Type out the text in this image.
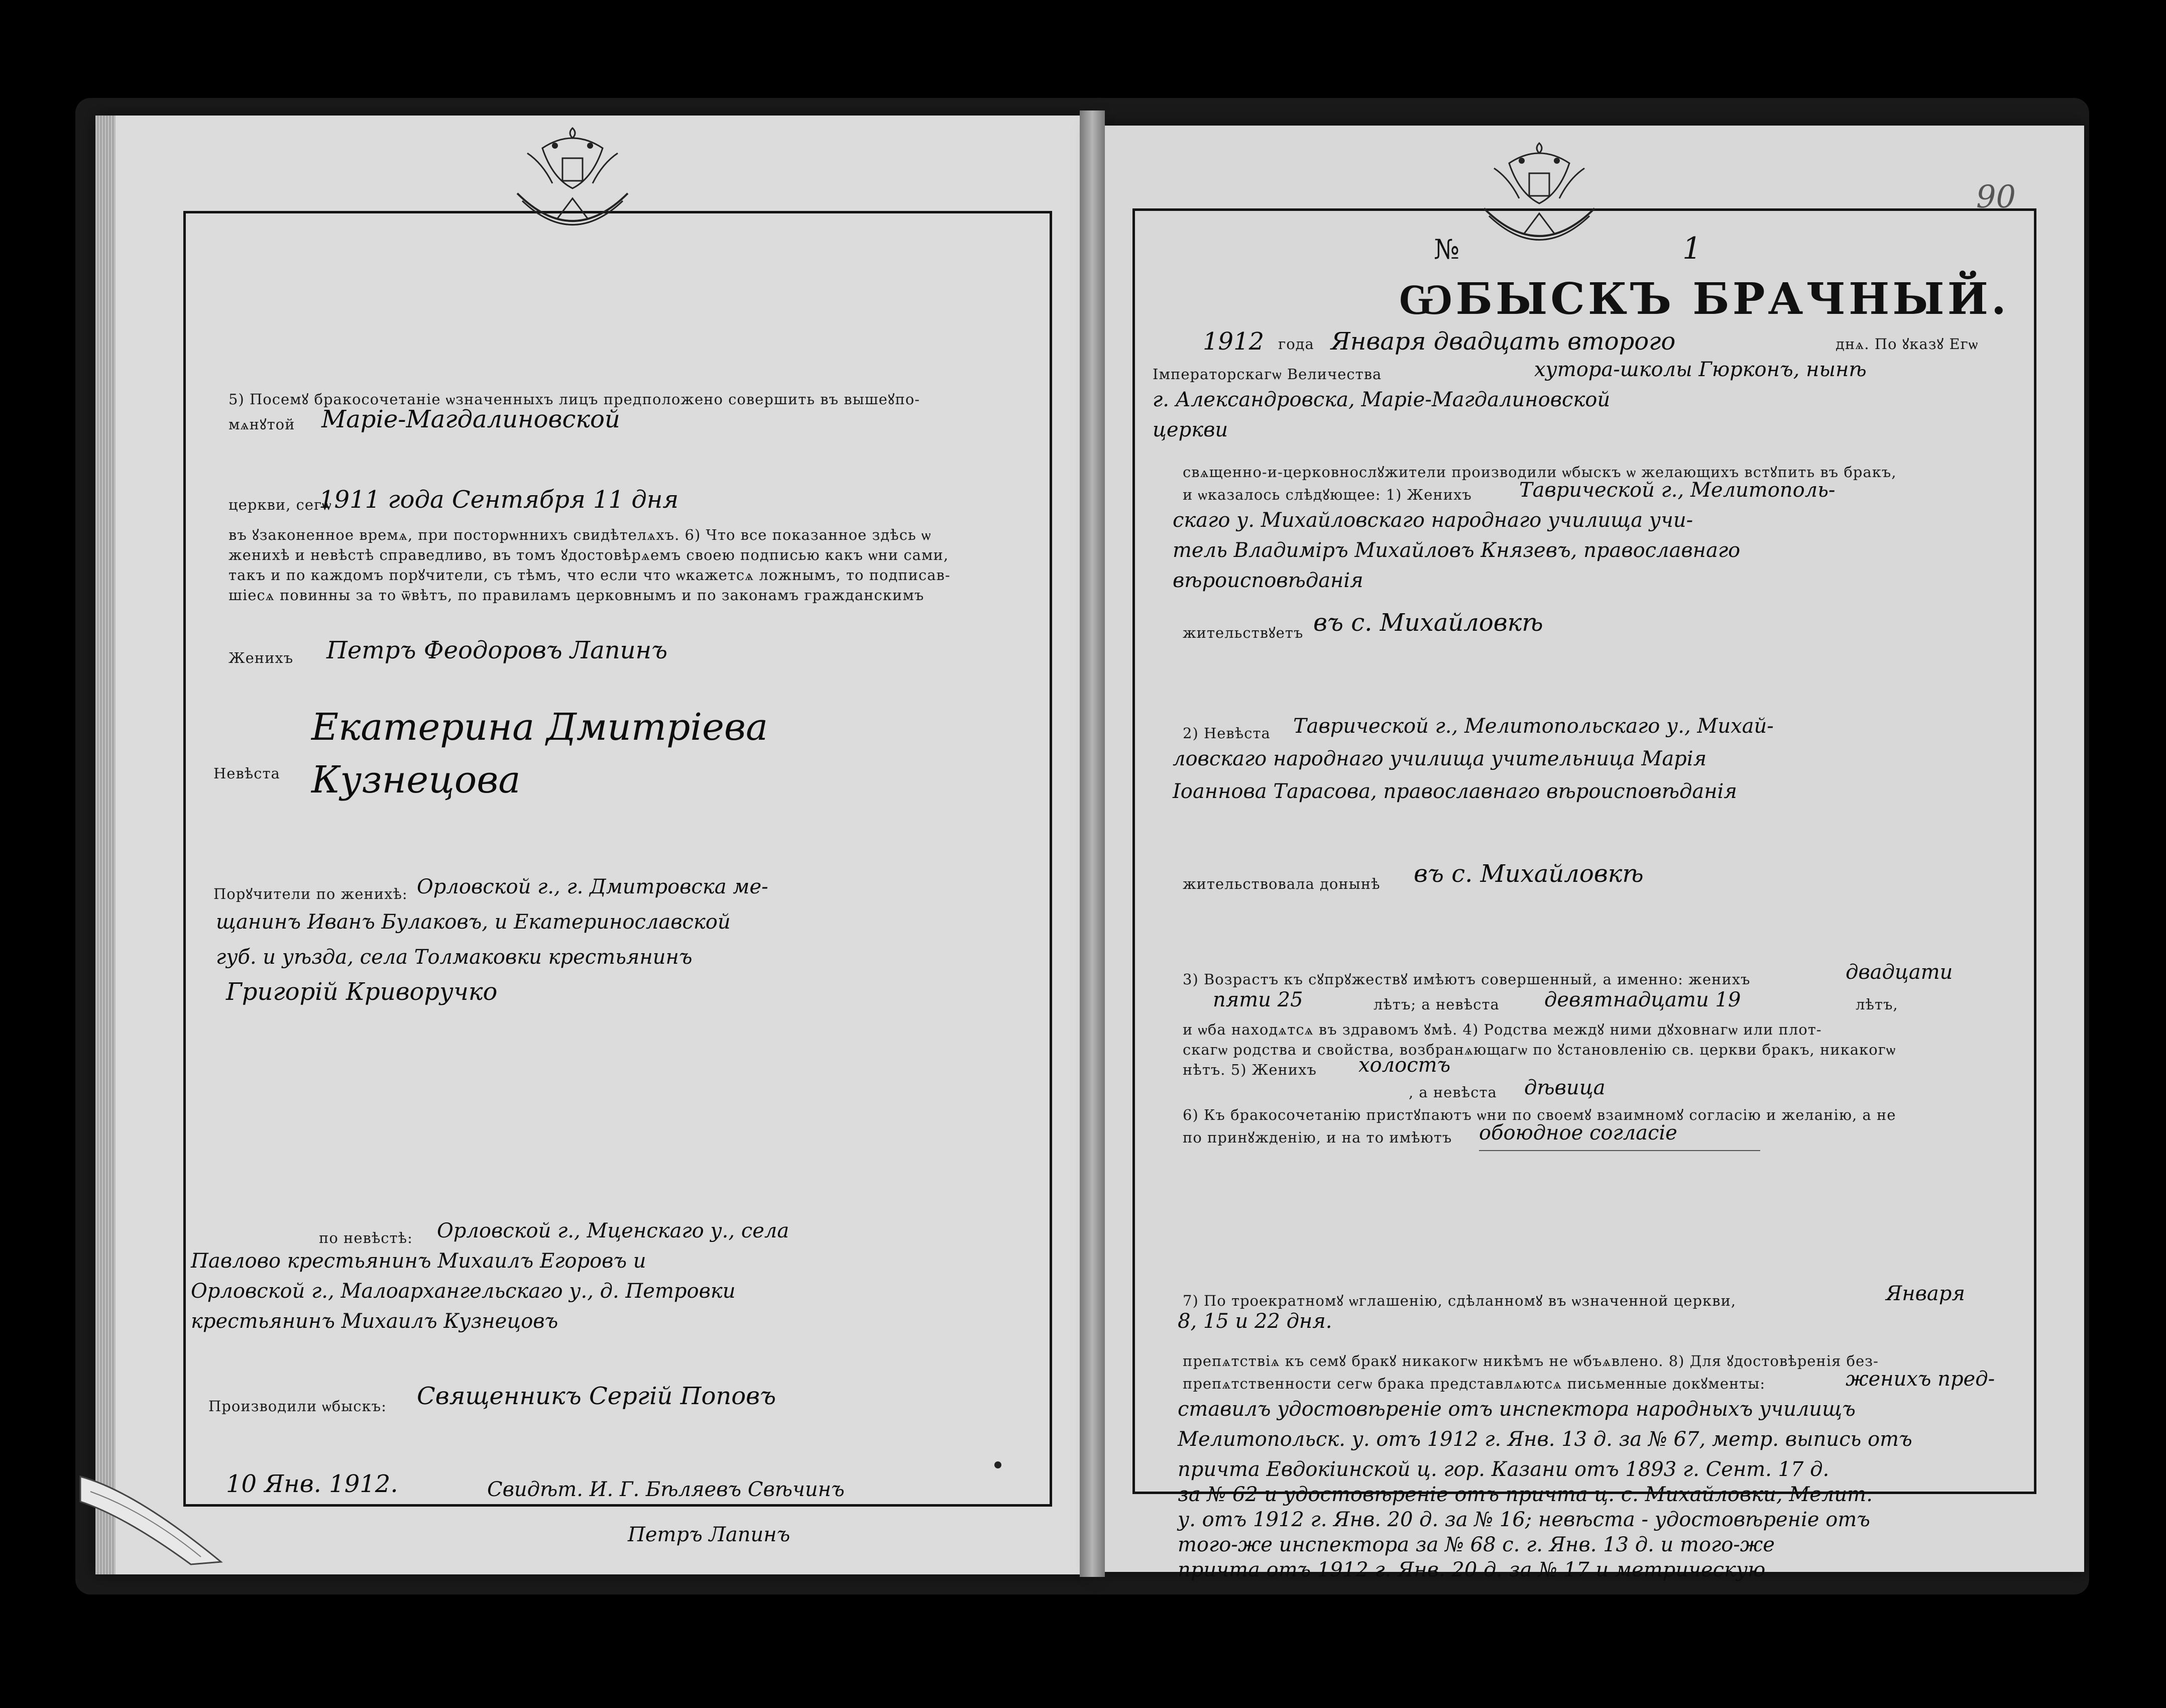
5) Посемꙋ бракосочетаніе ѡзначенныхъ лицъ предположено совершить въ вышеꙋпо-
мѧнꙋтой Маріе-Магдалиновской
церкви, сегѡ
1911 года Сентября 11 дня
въ ꙋзаконенное времѧ, при посторѡннихъ свидѣтелѧхъ. 6) Что все показанное здѣсь ѡ
женихѣ и невѣстѣ справедливо, въ томъ ꙋдостовѣрѧемъ своею подписью какъ ѡни сами,
такъ и по каждомъ порꙋчители, съ тѣмъ, что если что ѡкажетсѧ ложнымъ, то подписав-
шіесѧ повинны за то ѿвѣтъ, по правиламъ церковнымъ и по законамъ гражданскимъ
Женихъ Петръ Феодоровъ Лапинъ
Невѣста
Екатерина Дмитріева
Кузнецова
Порꙋчители по женихѣ: Орловской г., г. Дмитровска ме-
щанинъ Иванъ Булаковъ, и Екатеринославской
губ. и уѣзда, села Толмаковки крестьянинъ
Григорій Криворучко
по невѣстѣ: Орловской г., Мценскаго у., села
Павлово крестьянинъ Михаилъ Егоровъ и
Орловской г., Малоархангельскаго у., д. Петровки
крестьянинъ Михаилъ Кузнецовъ
Производили ѡбыскъ: Священникъ Сергій Поповъ
10 Янв. 1912.	Свидѣт. И. Г. Бѣляевъ Свѣчинъ
Петръ Лапинъ
90
№	1
ѠБЫСКЪ БРАЧНЫЙ.
1912 года Января двадцать второго	днѧ. По ꙋказꙋ Егѡ
Імператорскагѡ Величества	хутора-школы Гюрконъ, нынѣ
г. Александровска, Маріе-Магдалиновской
церкви
свѧщенно-и-церковнослꙋжители производили ѡбыскъ ѡ желающихъ встꙋпить въ бракъ,
и ѡказалось слѣдꙋющее: 1) Женихъ Таврической г., Мелитополь-
скаго у. Михайловскаго народнаго училища учи-
тель Владиміръ Михайловъ Князевъ, православнаго
вѣроисповѣданія
жительствꙋетъ въ с. Михайловкѣ
2) Невѣста Таврической г., Мелитопольскаго у., Михай-
ловскаго народнаго училища учительница Марія
Іоаннова Тарасова, православнаго вѣроисповѣданія
жительствовала донынѣ въ с. Михайловкѣ
3) Возрастъ къ сꙋпрꙋжествꙋ имѣютъ совершенный, а именно: женихъ	двадцати
пяти 25	лѣтъ; а невѣста девятнадцати 19	лѣтъ,
и ѡба находѧтсѧ въ здравомъ ꙋмѣ. 4) Родства междꙋ ними дꙋховнагѡ или плот-
скагѡ родства и свойства, возбранѧющагѡ по ꙋстановленію св. церкви бракъ, никакогѡ
нѣтъ. 5) Женихъ холостъ
, а невѣста дѣвица
6) Къ бракосочетанію пристꙋпаютъ ѡни по своемꙋ взаимномꙋ согласію и желанію, а не
по принꙋжденію, и на то имѣютъ обоюдное согласіе
7) По троекратномꙋ ѡглашенію, сдѣланномꙋ въ ѡзначенной церкви,	Января
8, 15 и 22 дня.
препѧтствіѧ къ семꙋ бракꙋ никакогѡ никѣмъ не ѡбъѧвлено. 8) Для ꙋдостовѣренія без-
препѧтственности сегѡ брака представлѧютсѧ письменные докꙋменты:	женихъ пред-
ставилъ удостовѣреніе отъ инспектора народныхъ училищъ
Мелитопольск. у. отъ 1912 г. Янв. 13 д. за № 67, метр. выпись отъ
причта Евдокіинской ц. гор. Казани отъ 1893 г. Сент. 17 д.
за № 62 и удостовѣреніе отъ причта ц. с. Михайловки, Мелит.
у. отъ 1912 г. Янв. 20 д. за № 16; невѣста - удостовѣреніе отъ
того-же инспектора за № 68 с. г. Янв. 13 д. и того-же
причта отъ 1912 г. Янв. 20 д. за № 17 и метрическую
